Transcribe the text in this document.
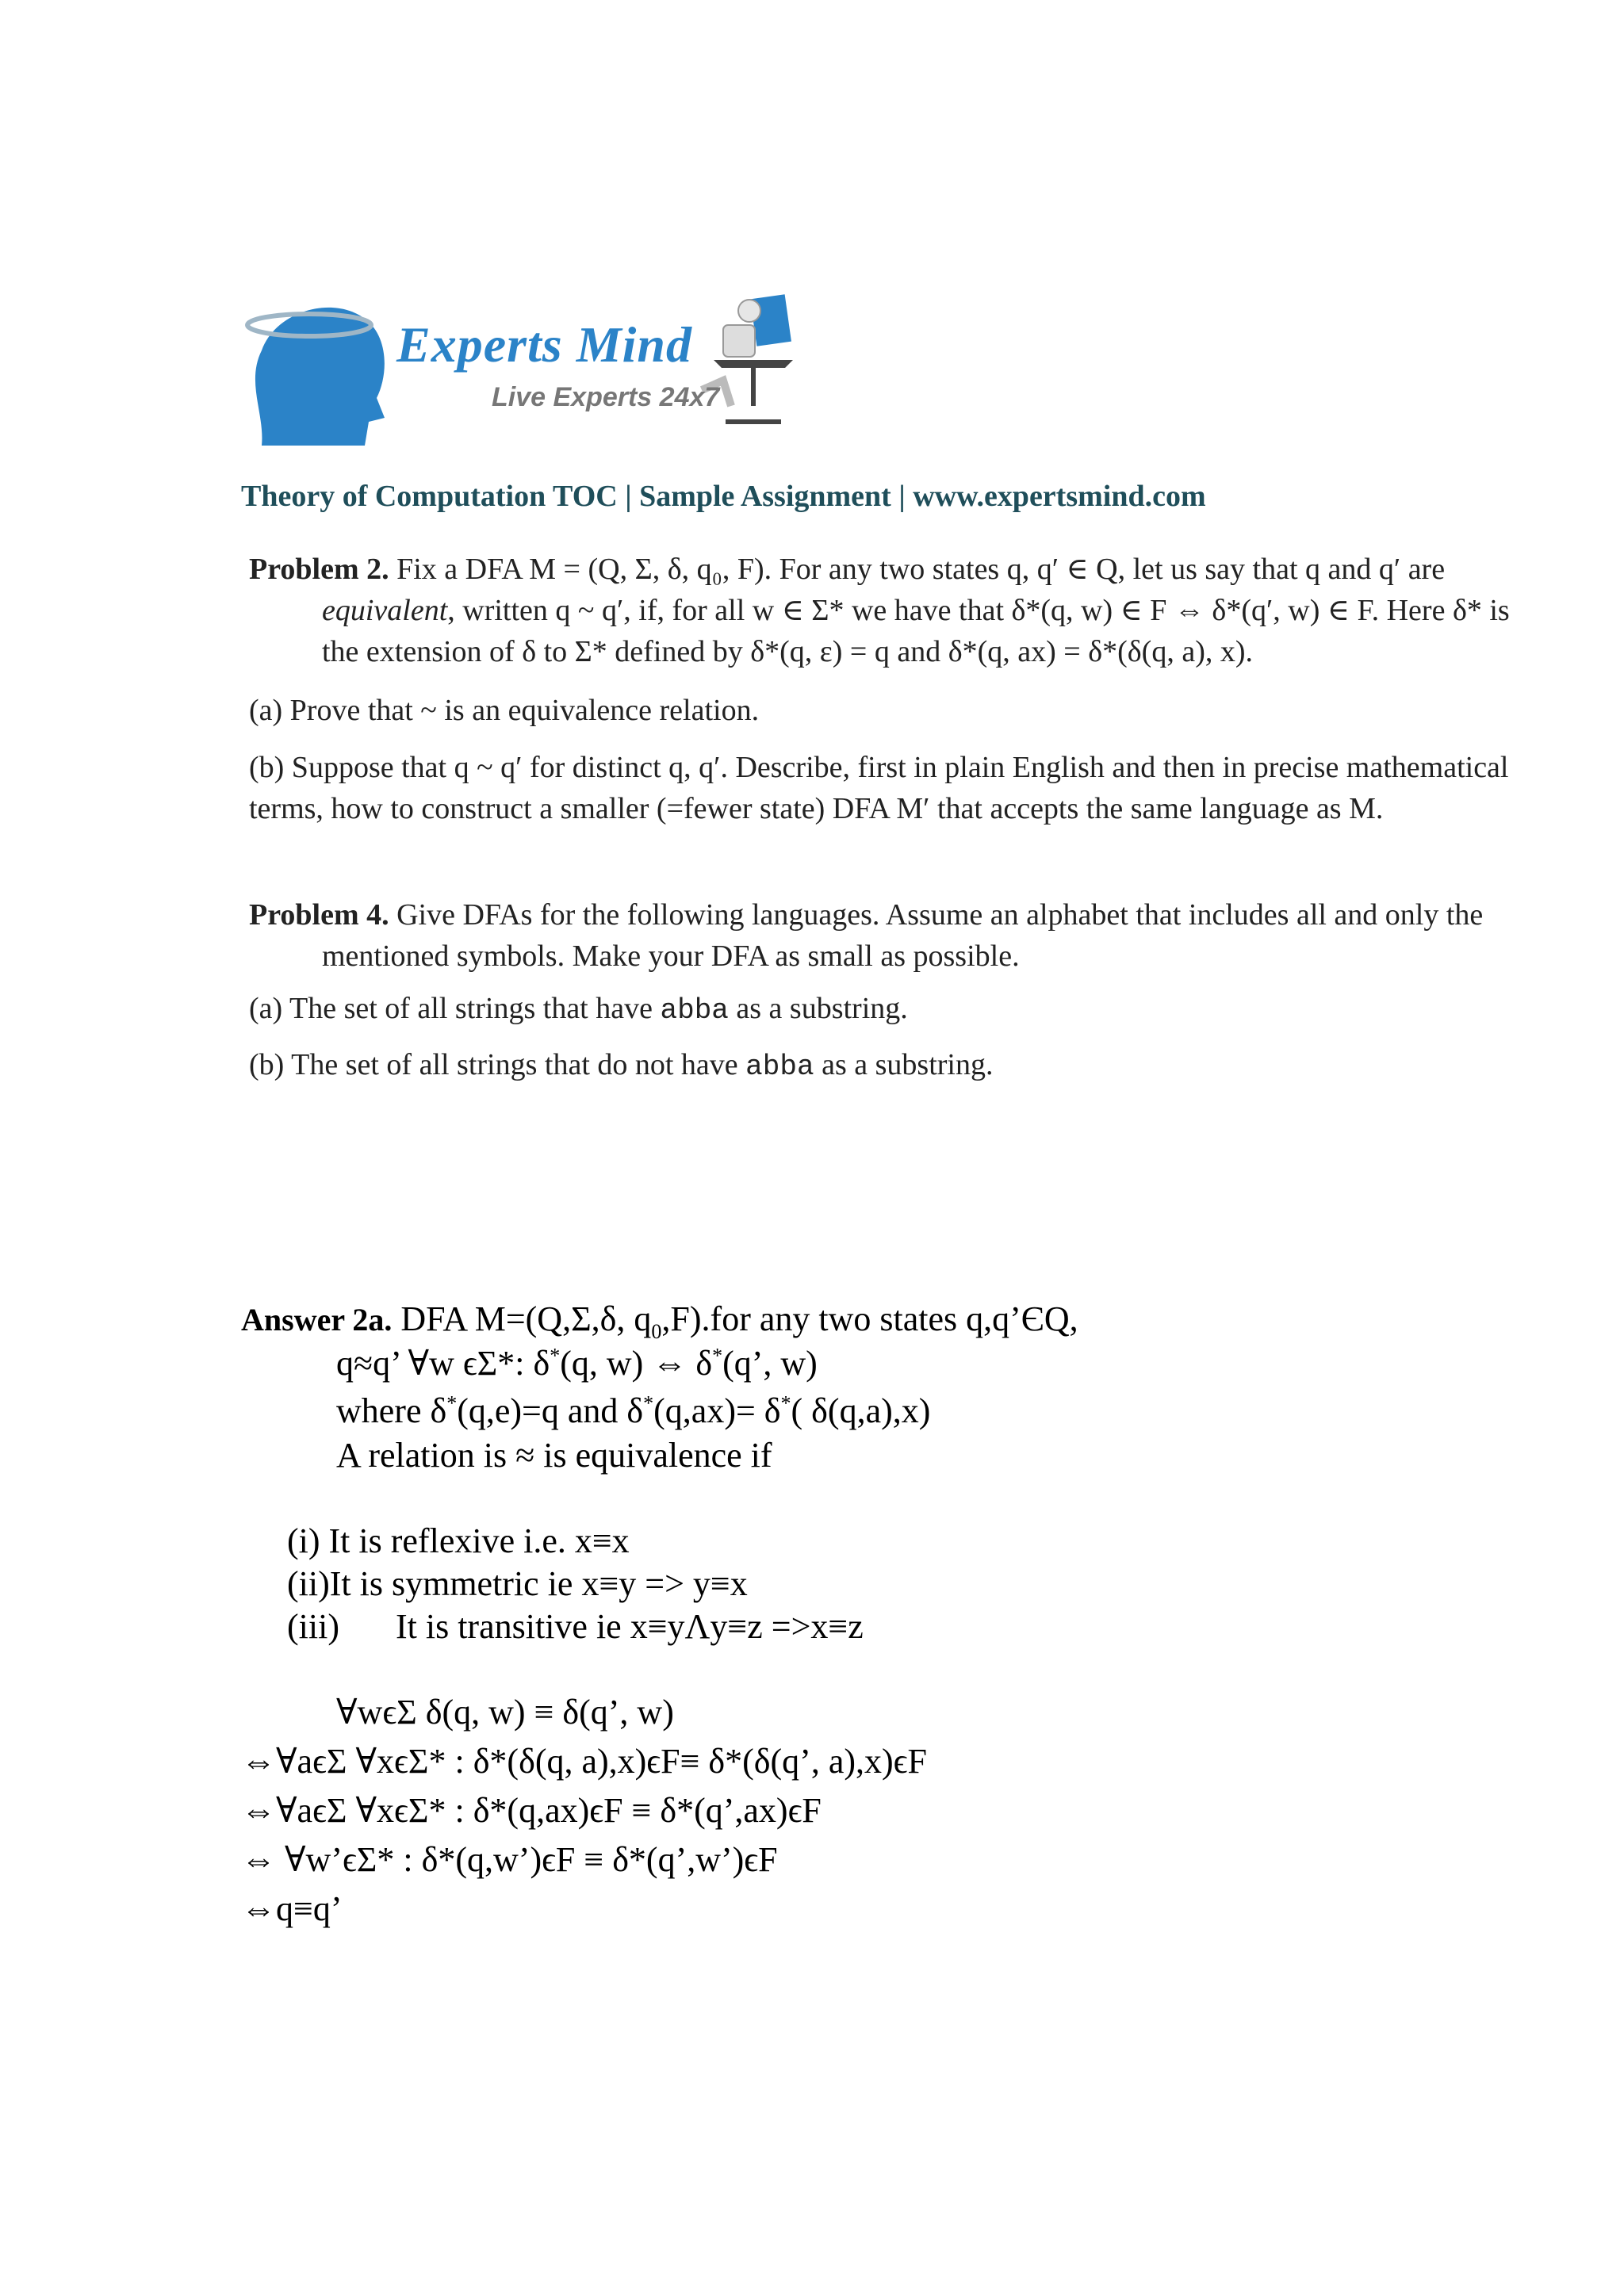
Experts Mind
Live Experts 24x7
Theory of Computation TOC | Sample Assignment | www.expertsmind.com
Problem 2. Fix a DFA M = (Q, Σ, δ, q₀, F). For any two states q, q′ ∈ Q, let us say that q and q′ are
equivalent, written q ~ q′, if, for all w ∈ Σ* we have that δ*(q, w) ∈ F ⇔ δ*(q′, w) ∈ F. Here δ* is
the extension of δ to Σ* defined by δ*(q, ε) = q and δ*(q, ax) = δ*(δ(q, a), x).
(a) Prove that ~ is an equivalence relation.
(b) Suppose that q ~ q′ for distinct q, q′. Describe, first in plain English and then in precise mathematical
terms, how to construct a smaller (=fewer state) DFA M′ that accepts the same language as M.
Problem 4. Give DFAs for the following languages. Assume an alphabet that includes all and only the
mentioned symbols. Make your DFA as small as possible.
(a) The set of all strings that have abba as a substring.
(b) The set of all strings that do not have abba as a substring.
Answer 2a. DFA M=(Q,Σ,δ, $q_0,F).for$ any two states q,q’ЄQ,
q≈q’ ∀w ϵΣ*: δ*(q, w) ⇔ δ*(q’, w)
where δ*(q,e)=q and δ*(q,ax)= δ*( δ(q,a),x)
A relation is ≈ is equivalence if
(i) It is reflexive i.e. x≡x
(ii)It is symmetric ie x≡y => y≡x
(iii) It is transitive ie x≡yΛy≡z =>x≡z
∀wϵΣ δ(q, w) ≡ δ(q’, w)
⇔∀aϵΣ ∀xϵΣ* : δ*(δ(q, a),x)ϵF≡ δ*(δ(q’, a),x)ϵF
⇔∀aϵΣ ∀xϵΣ* : δ*(q,ax)ϵF ≡ δ*(q’,ax)ϵF
⇔ ∀w’ϵΣ* : δ*(q,w’)ϵF ≡ δ*(q’,w’)ϵF
⇔q≡q’
